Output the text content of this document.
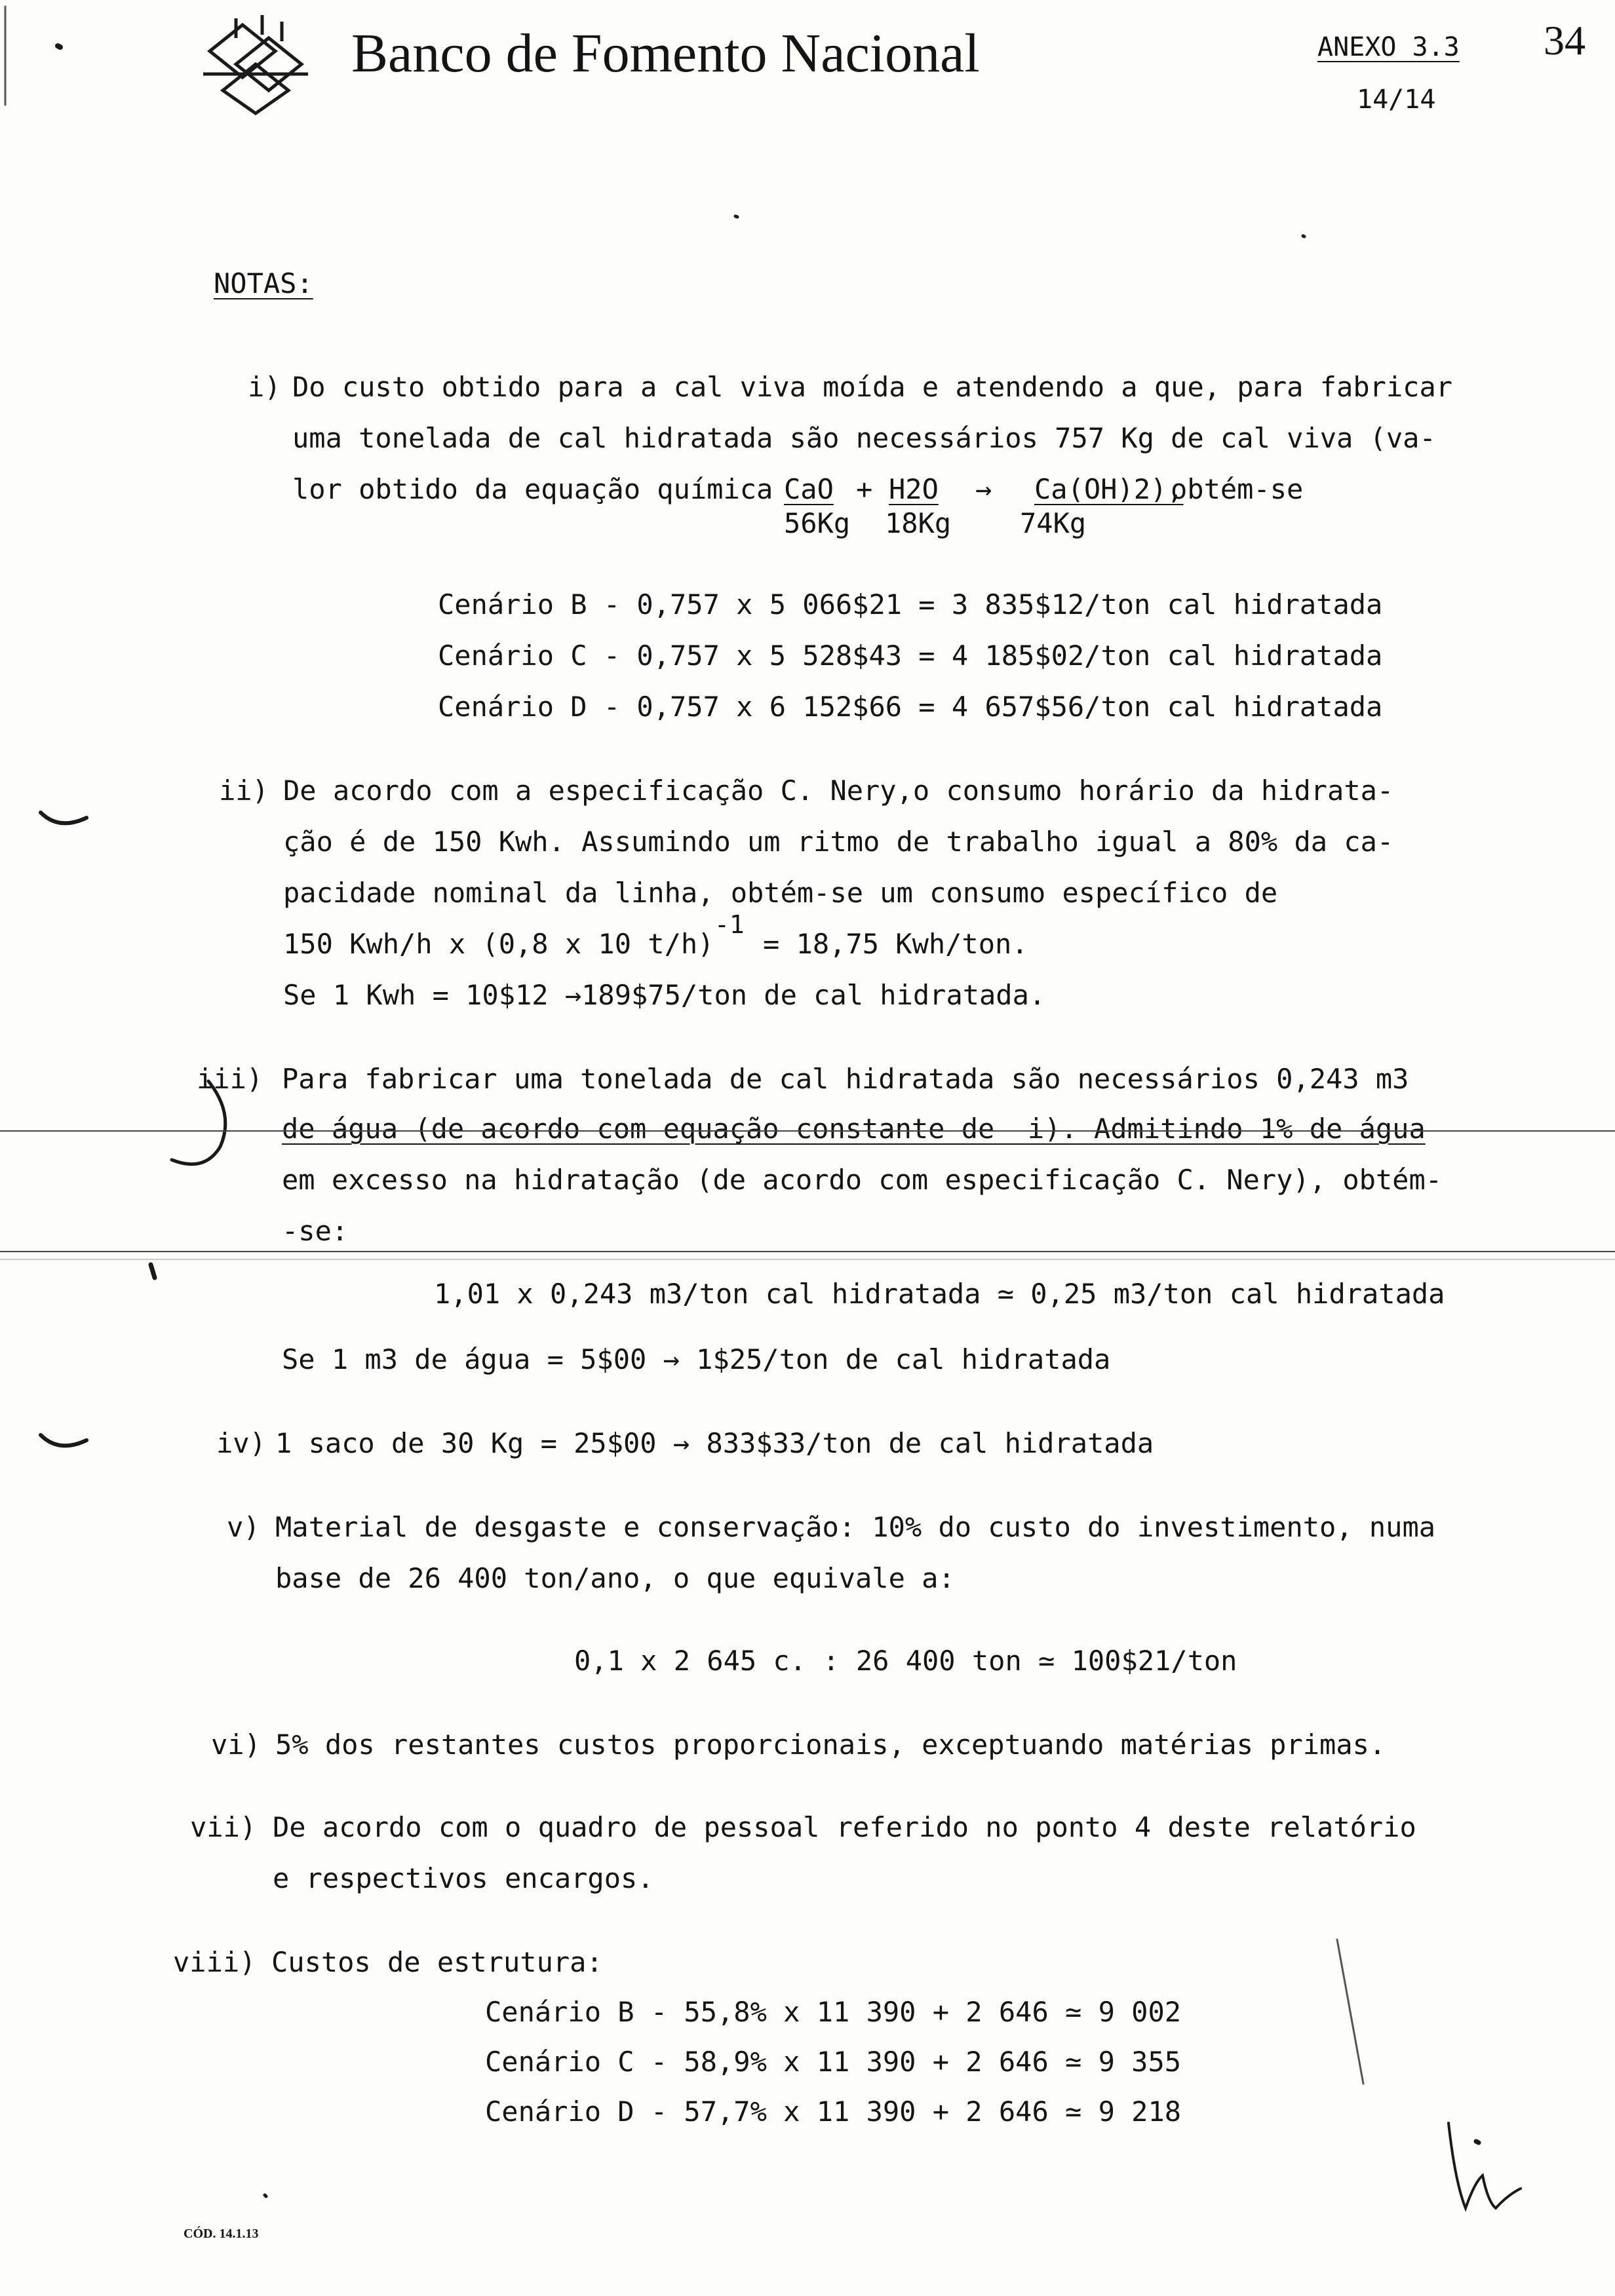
Banco de Fomento Nacional	ANEXO 3.3
14/14
34
NOTAS:
i) Do custo obtido para a cal viva moída e atendendo a que, para fabricar
uma tonelada de cal hidratada são necessários 757 Kg de cal viva (va-
lor obtido da equação química CaO + H2O → Ca(OH)2),
obtém-se
56Kg 18Kg 74Kg
Cenário B - 0,757 x 5 066$21 = 3 835$12/ton cal hidratada
Cenário C - 0,757 x 5 528$43 = 4 185$02/ton cal hidratada
Cenário D - 0,757 x 6 152$66 = 4 657$56/ton cal hidratada
ii) De acordo com a especificação C. Nery,o consumo horário da hidrata-
ção é de 150 Kwh. Assumindo um ritmo de trabalho igual a 80% da ca-
pacidade nominal da linha, obtém-se um consumo específico de
150 Kwh/h x (0,8 x 10 t/h)
-1
= 18,75 Kwh/ton.
Se 1 Kwh = 10$12 →189$75/ton de cal hidratada.
iii) Para fabricar uma tonelada de cal hidratada são necessários 0,243 m3
de água (de acordo com equação constante de  i). Admitindo 1% de água
em excesso na hidratação (de acordo com especificação C. Nery), obtém-
-se:
1,01 x 0,243 m3/ton cal hidratada ≃ 0,25 m3/ton cal hidratada
Se 1 m3 de água = 5$00 → 1$25/ton de cal hidratada
iv) 1 saco de 30 Kg = 25$00 → 833$33/ton de cal hidratada
v) Material de desgaste e conservação: 10% do custo do investimento, numa
base de 26 400 ton/ano, o que equivale a:
0,1 x 2 645 c. : 26 400 ton ≃ 100$21/ton
vi) 5% dos restantes custos proporcionais, exceptuando matérias primas.
vii) De acordo com o quadro de pessoal referido no ponto 4 deste relatório
e respectivos encargos.
viii) Custos de estrutura:
Cenário B - 55,8% x 11 390 + 2 646 ≃ 9 002
Cenário C - 58,9% x 11 390 + 2 646 ≃ 9 355
Cenário D - 57,7% x 11 390 + 2 646 ≃ 9 218
CÓD. 14.1.13
